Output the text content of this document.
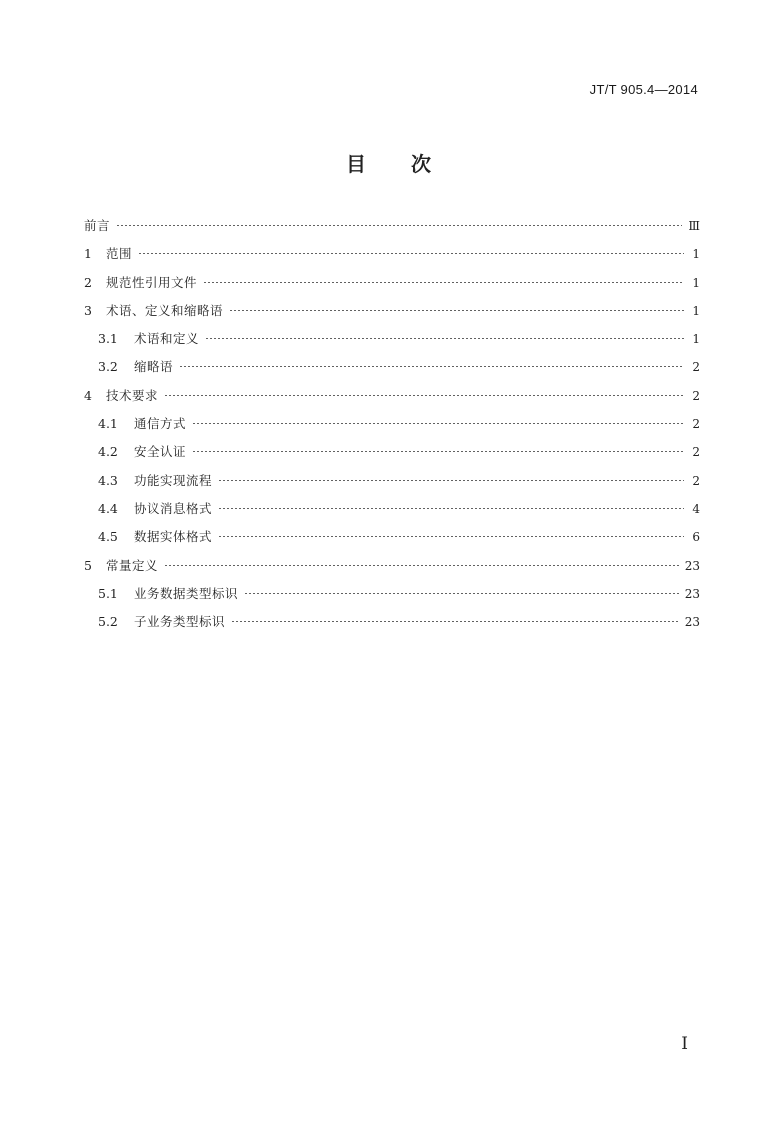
JT/T 905.4—2014
目 次
前言	Ⅲ
1	范围	1
2	规范性引用文件	1
3	术语、定义和缩略语	1
3.1	术语和定义	1
3.2	缩略语	2
4	技术要求	2
4.1	通信方式	2
4.2	安全认证	2
4.3	功能实现流程	2
4.4	协议消息格式	4
4.5	数据实体格式	6
5	常量定义	23
5.1	业务数据类型标识	23
5.2	子业务类型标识	23
I
